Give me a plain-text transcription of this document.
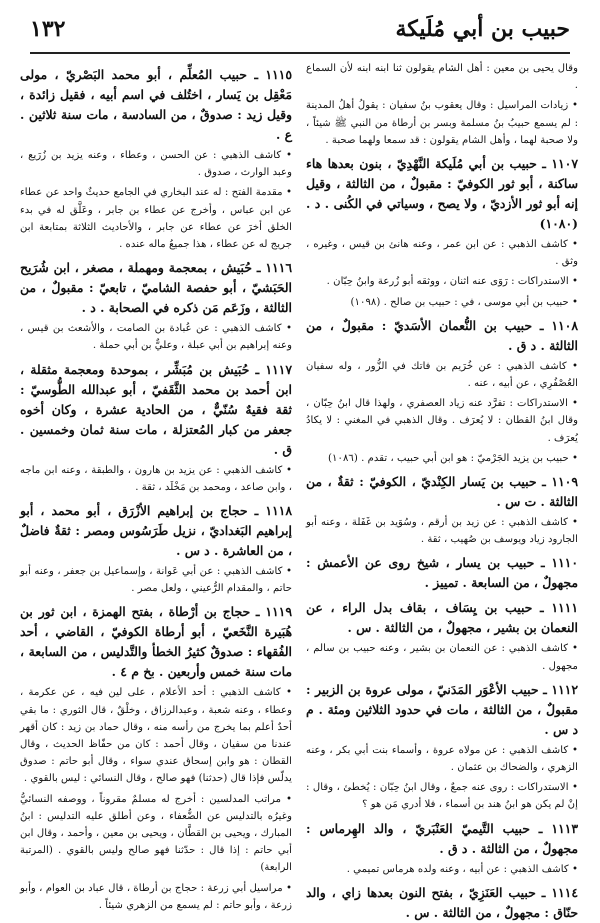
حبيب بن أبي مُلَيكة
١٣٢

وقال يحيى بن معين : أهل الشام يقولون ثنا ابنه ابنه لأن السماع .

• زيادات المراسيل : وقال يعقوب بنُ سفيان : يقولُ أهلُ المدينة : لم يسمع حبيبُ بنُ مسلمة وبسر بن أرطاة من النبي ﷺ شيئاً ، ولا صحبة لهما ، وأهل الشام يقولون : قد سمعا ولهما صحبة .

١١٠٧ ـ حبيب بن أبي مُلَيكة النَّهْدِيّ ، بنون بعدها هاء ساكنة ، أبو ثور الكوفيّ : مقبولٌ ، من الثالثة ، وقيل إنه أبو ثور الأزديّ ، ولا يصح ، وسياتي في الكُنى . د . (١٠٨٠)

• كاشف الذهبي : عن ابن عمر ، وعنه هانئ بن قيس ، وغيره ، وثق .

• الاستدراكات : رَوَى عنه اثنان ، ووثقه أبو زُرعة وابنُ حِبّان .

• حبيب بن أبي موسى ، في : حبيب بن صالح . (١٠٩٨)

١١٠٨ ـ حبيب بن النُّعمان الأسَديّ : مقبولٌ ، من الثالثة . د ق .

• كاشف الذهبي : عن خُرَيم بن فاتك في الزُّور ، وله سفيان العُصْفُرِي ، عن أبيه ، عنه .

• الاستدراكات : تفرَّد عنه زياد العصفري ، ولهذا قال ابنُ حِبّان ، وقال ابنُ القطان : لا يُعرَف . وقال الذهبي في المغني : لا يكادُ يُعرَف .

• حبيب بن يزيد الجَرْميّ : هو ابن أبي حبيب ، تقدم . (١٠٨٦)

١١٠٩ ـ حبيب بن يَسار الكِنْديّ ، الكوفيّ : ثقةٌ ، من الثالثة . ت س .

• كاشف الذهبي : عن زيد بن أرقم ، وسُوَيد بن غَفَلة ، وعنه أبو الجارود زياد ويوسف بن صُهيب ، ثقة .

١١١٠ ـ حبيب بن يسار ، شيخ روى عن الأعمش : مجهولٌ ، من السابعة . تمييز .

١١١١ ـ حبيب بن يِسَاف ، بقاف بدل الراء ، عن النعمان بن بشير ، مجهولٌ ، من الثالثة . س .

• كاشف الذهبي : عن النعمان بن بشير ، وعنه حبيب بن سالم ، مجهول .

١١١٢ ـ حبيب الأعْوَر المَدَنيّ ، مولى عروة بن الزبير : مقبولٌ ، من الثالثة ، مات في حدود الثلاثين ومئة . م د س .

• كاشف الذهبي : عن مولاه عروة ، وأسماء بنت أبي بكر ، وعنه الزهري ، والضحاك بن عثمان .

• الاستدراكات : روى عنه جمعٌ ، وقال ابنُ حِبّان : يُخطئ ، وقال : إنْ لم يكن هو ابنُ هند بن أسماء ، فلا أدري مَن هو ؟

١١١٣ ـ حبيب التَّيميّ العَنْبَريّ ، والد الهِرماس : مجهولٌ ، من الثالثة . د ق .

• كاشف الذهبي : عن أبيه ، وعنه ولده هرماس تميمي .

١١١٤ ـ حبيب العَنَزِيّ ، بفتح النون بعدها زاي ، والد حنّاق : مجهولٌ ، من الثالثة . س .

١١١٥ ـ حبيب المُعلِّم ، أبو محمد البَصْريّ ، مولى مَعْقِل بن يَسار ، اختُلف في اسم أبيه ، فقيل زائدة ، وقيل زيد : صدوقٌ ، من السادسة ، مات سنة ثلاثين . ع .

• كاشف الذهبي : عن الحسن ، وعطاء ، وعنه يزيد بن زُرَيع ، وعبد الوارث ، صدوق .

• مقدمة الفتح : له عند البخاري في الجامع حديثٌ واحد عن عطاء عن ابن عباس ، وأخرج عن عطاء بن جابر ، وعَلَّق له في بدء الخلق أخرَ عن عطاء عن جابر ، والأحاديث الثلاثة بمتابعة ابن جريج له عن عطاء ، هذا جميعُ ماله عنده .

١١١٦ ـ حُبَيش ، بمعجمة ومهملة ، مصغر ، ابن شُرَيح الحَبَشيّ ، أبو حفصة الشاميّ ، تابعيّ : مقبولٌ ، من الثالثة ، وزَعَم مَن ذكره في الصحابة . د .

• كاشف الذهبي : عن عُبادة بن الصامت ، والأشعث بن قيس ، وعنه إبراهيم بن أبي عبلة ، وعليٌّ بن أبي حملة .

١١١٧ ـ حُبَيش بن مُبَشِّر ، بموحدة ومعجمة مثقلة ، ابن أحمد بن محمد الثَّقَفيّ ، أبو عبدالله الطُّوسيّ : ثقة فقيهٌ سُنّيٌّ ، من الحادية عشرة ، وكان أخوه جعفر من كبار المُعتزلة ، مات سنة ثمان وخمسين . ق .

• كاشف الذهبي : عن يزيد بن هارون ، والطبقة ، وعنه ابن ماجه ، وابن صاعد ، ومحمد بن مَخْلَد ، ثقة .

١١١٨ ـ حجاج بن إبراهيم الأزْرَق ، أبو محمد ، أبو إبراهيم البَغداديّ ، نزيل طَرَسُوس ومصر : ثقةٌ فاضلٌ ، من العاشرة . د س .

• كاشف الذهبي : عن أبي عَوانة ، وإسماعيل بن جعفر ، وعنه أبو حاتم ، والمقدام الرُّعيني ، ولعل مصر .

١١١٩ ـ حجاج بن أرْطاة ، بفتح الهمزة ، ابن ثور بن هُبَيرة النَّخَعيّ ، أبو أرطاة الكوفيّ ، القاضي ، أحد الفُقهاء : صدوقٌ كثيرُ الخطأ والتَّدليس ، من السابعة ، مات سنة خمس وأربعين . بخ م ٤ .

• كاشف الذهبي : أحد الأعلام ، على لين فيه ، عن عكرمة ، وعطاء ، وعنه شعبة ، وعبدالرزاق ، وخلْقٌ ، قال الثوري : ما بقي أحدٌ أعلم بما يخرج من رأسه منه ، وقال حماد بن زيد : كان أقهر عندنا من سفيان ، وقال أحمد : كان من حفّاظ الحديث ، وقال القطان : هو وابن إسحاق عندي سواء ، وقال أبو حاتم : صدوق يدلّس فإذا قال (حدثنا) فهو صالح ، وقال النسائي : ليس بالقوي .

• مراتب المدلسين : أخرج له مسلمٌ مقروناً ، ووصفه النسائيُّ وغيرُه بالتدليس عن الضُّعفاء ، وعن أطلق عليه التدليس : ابنُ المبارك ، ويحيى بن القطَّان ، ويحيى بن معين ، وأحمد ، وقال ابن أبي حاتم : إذا قال : حدّثنا فهو صالح وليس بالقوي . (المرتبة الرابعة)

• مراسيل أبي زرعة : حجاج بن أرطاة ، قال عباد بن العوام ، وأبو زرعة ، وأبو حاتم : لم يسمع من الزهري شيئاً .
